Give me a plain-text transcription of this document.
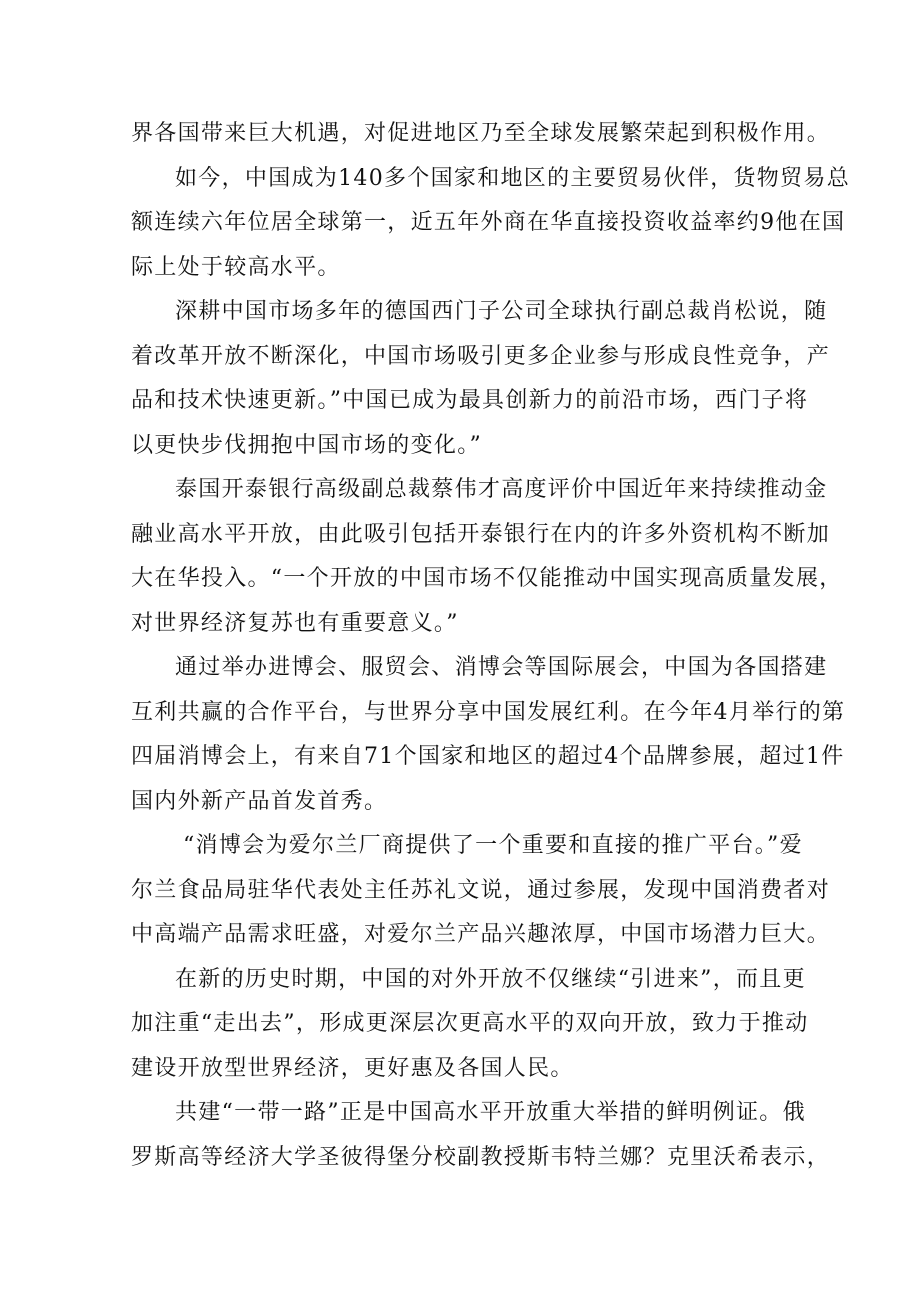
界各国带来巨大机遇，对促进地区乃至全球发展繁荣起到积极作用。
如今，中国成为140多个国家和地区的主要贸易伙伴，货物贸易总
额连续六年位居全球第一，近五年外商在华直接投资收益率约9他在国
际上处于较高水平。
深耕中国市场多年的德国西门子公司全球执行副总裁肖松说，随
着改革开放不断深化，中国市场吸引更多企业参与形成良性竞争，产
品和技术快速更新。”中国已成为最具创新力的前沿市场，西门子将
以更快步伐拥抱中国市场的变化。”
泰国开泰银行高级副总裁蔡伟才高度评价中国近年来持续推动金
融业高水平开放，由此吸引包括开泰银行在内的许多外资机构不断加
大在华投入。“一个开放的中国市场不仅能推动中国实现高质量发展，
对世界经济复苏也有重要意义。”
通过举办进博会、服贸会、消博会等国际展会，中国为各国搭建
互利共赢的合作平台，与世界分享中国发展红利。在今年4月举行的第
四届消博会上，有来自71个国家和地区的超过4个品牌参展，超过1件
国内外新产品首发首秀。
“消博会为爱尔兰厂商提供了一个重要和直接的推广平台。”爱
尔兰食品局驻华代表处主任苏礼文说，通过参展，发现中国消费者对
中高端产品需求旺盛，对爱尔兰产品兴趣浓厚，中国市场潜力巨大。
在新的历史时期，中国的对外开放不仅继续“引进来”，而且更
加注重“走出去”，形成更深层次更高水平的双向开放，致力于推动
建设开放型世界经济，更好惠及各国人民。
共建“一带一路”正是中国高水平开放重大举措的鲜明例证。俄
罗斯高等经济大学圣彼得堡分校副教授斯韦特兰娜？克里沃希表示，
